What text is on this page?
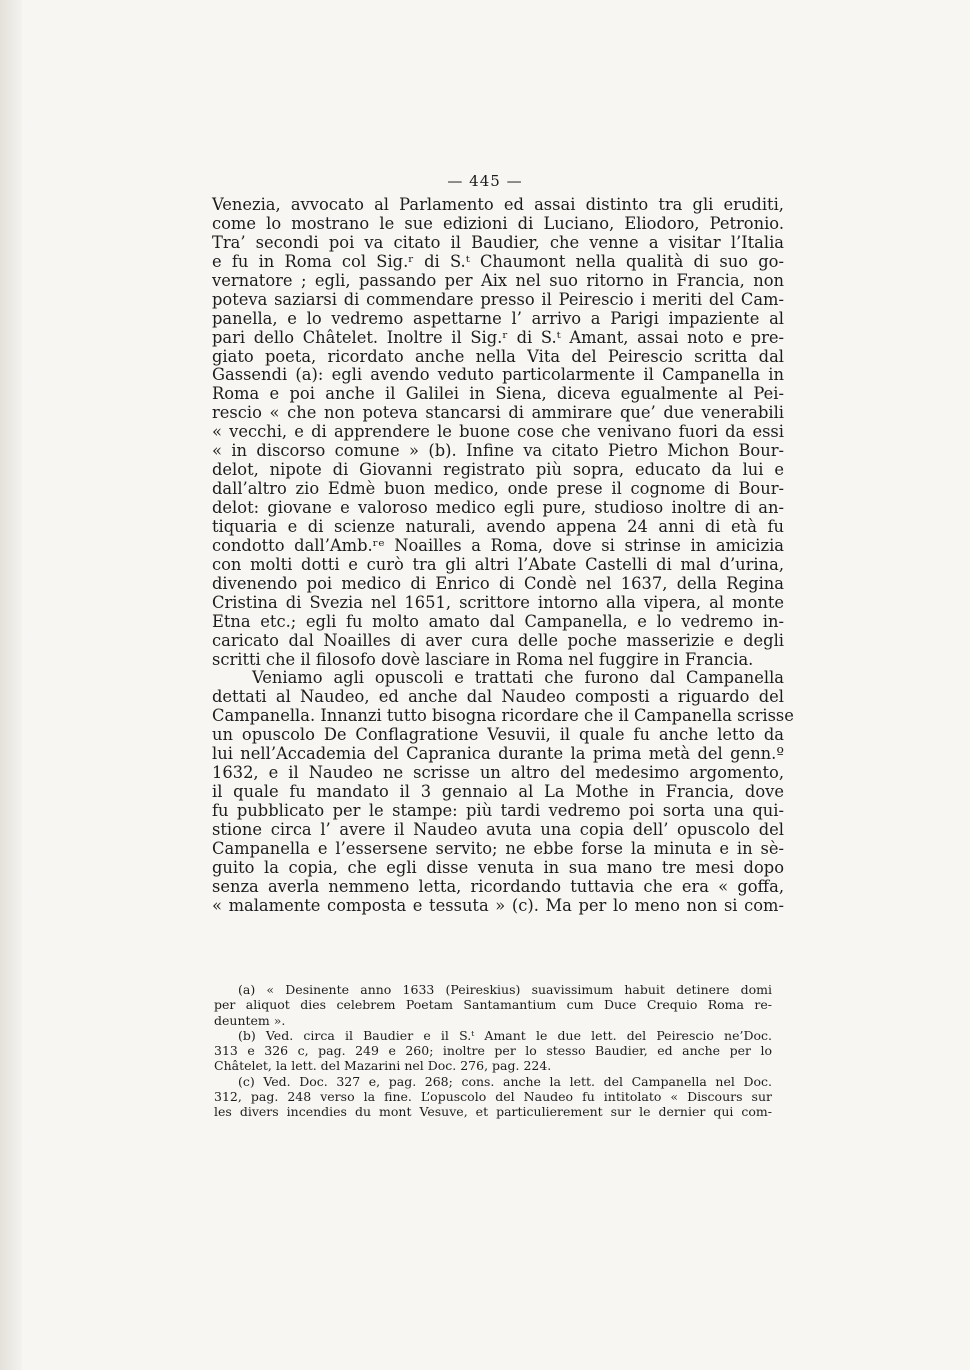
— 445 —
Venezia, avvocato al Parlamento ed assai distinto tra gli eruditi,
come lo mostrano le sue edizioni di Luciano, Eliodoro, Petronio.
Tra’ secondi poi va citato il Baudier, che venne a visitar l’Italia
e fu in Roma col Sig.ʳ di S.ᵗ Chaumont nella qualità di suo go-
vernatore ; egli, passando per Aix nel suo ritorno in Francia, non
poteva saziarsi di commendare presso il Peirescio i meriti del Cam-
panella, e lo vedremo aspettarne l’ arrivo a Parigi impaziente al
pari dello Châtelet. Inoltre il Sig.ʳ di S.ᵗ Amant, assai noto e pre-
giato poeta, ricordato anche nella Vita del Peirescio scritta dal
Gassendi (a): egli avendo veduto particolarmente il Campanella in
Roma e poi anche il Galilei in Siena, diceva egualmente al Pei-
rescio « che non poteva stancarsi di ammirare que’ due venerabili
« vecchi, e di apprendere le buone cose che venivano fuori da essi
« in discorso comune » (b). Infine va citato Pietro Michon Bour-
delot, nipote di Giovanni registrato più sopra, educato da lui e
dall’altro zio Edmè buon medico, onde prese il cognome di Bour-
delot: giovane e valoroso medico egli pure, studioso inoltre di an-
tiquaria e di scienze naturali, avendo appena 24 anni di età fu
condotto dall’Amb.ʳᵉ Noailles a Roma, dove si strinse in amicizia
con molti dotti e curò tra gli altri l’Abate Castelli di mal d’urina,
divenendo poi medico di Enrico di Condè nel 1637, della Regina
Cristina di Svezia nel 1651, scrittore intorno alla vipera, al monte
Etna etc.; egli fu molto amato dal Campanella, e lo vedremo in-
caricato dal Noailles di aver cura delle poche masserizie e degli
scritti che il filosofo dovè lasciare in Roma nel fuggire in Francia.
Veniamo agli opuscoli e trattati che furono dal Campanella
dettati al Naudeo, ed anche dal Naudeo composti a riguardo del
Campanella. Innanzi tutto bisogna ricordare che il Campanella scrisse
un opuscolo De Conflagratione Vesuvii, il quale fu anche letto da
lui nell’Accademia del Capranica durante la prima metà del genn.º
1632, e il Naudeo ne scrisse un altro del medesimo argomento,
il quale fu mandato il 3 gennaio al La Mothe in Francia, dove
fu pubblicato per le stampe: più tardi vedremo poi sorta una qui-
stione circa l’ avere il Naudeo avuta una copia dell’ opuscolo del
Campanella e l’essersene servito; ne ebbe forse la minuta e in sè-
guito la copia, che egli disse venuta in sua mano tre mesi dopo
senza averla nemmeno letta, ricordando tuttavia che era « goffa,
« malamente composta e tessuta » (c). Ma per lo meno non si com-
(a) « Desinente anno 1633 (Peireskius) suavissimum habuit detinere domi
per aliquot dies celebrem Poetam Santamantium cum Duce Crequio Roma re-
deuntem ».
(b) Ved. circa il Baudier e il S.ᵗ Amant le due lett. del Peirescio ne’Doc.
313 e 326 c, pag. 249 e 260; inoltre per lo stesso Baudier, ed anche per lo
Châtelet, la lett. del Mazarini nel Doc. 276, pag. 224.
(c) Ved. Doc. 327 e, pag. 268; cons. anche la lett. del Campanella nel Doc.
312, pag. 248 verso la fine. L’opuscolo del Naudeo fu intitolato « Discours sur
les divers incendies du mont Vesuve, et particulierement sur le dernier qui com-
